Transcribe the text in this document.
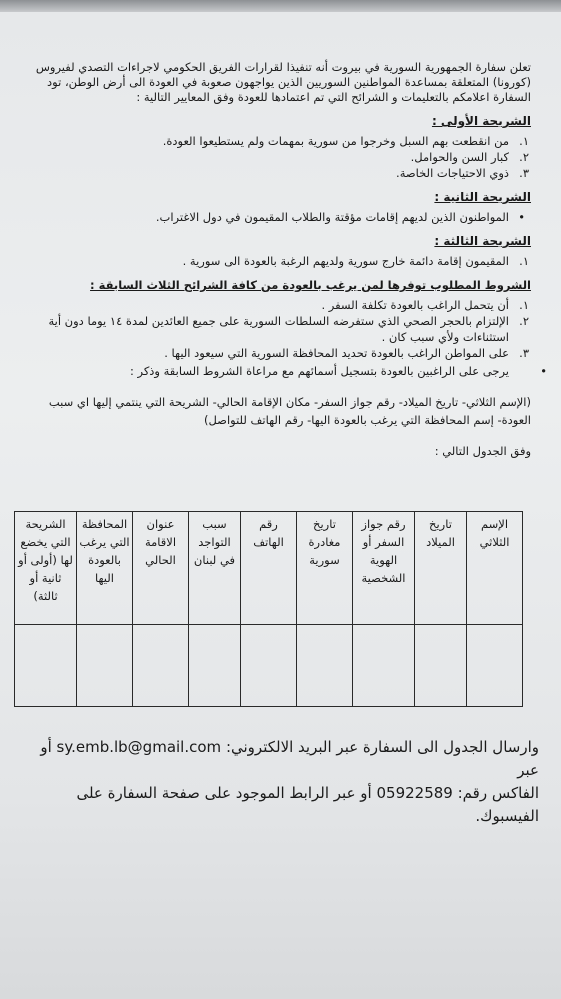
تعلن سفارة الجمهورية السورية في بيروت أنه تنفيذا لقرارات الفريق الحكومي لاجراءات التصدي لفيروس (كورونا) المتعلقة بمساعدة المواطنين السوريين الذين يواجهون صعوبة في العودة الى أرض الوطن، تود السفارة اعلامكم بالتعليمات و الشرائح التي تم اعتمادها للعودة وفق المعايير التالية :

الشريحة الأولى :

١.
من انقطعت بهم السبل وخرجوا من سورية بمهمات ولم يستطيعوا العودة.
٢.
كبار السن والحوامل.
٣.
ذوي الاحتياجات الخاصة.

الشريحة الثانية :

•
المواطنون الذين لديهم إقامات مؤقتة والطلاب المقيمون في دول الاغتراب.

الشريحة الثالثة :

١.
المقيمون إقامة دائمة خارج سورية ولديهم الرغبة بالعودة الى سورية .

الشروط المطلوب توفرها لمن يرغب بالعودة من كافة الشرائح الثلاث السابقة :

١.
أن يتحمل الراغب بالعودة تكلفة السفر .
٢.
الإلتزام بالحجر الصحي الذي ستفرضه السلطات السورية على جميع العائدين لمدة ١٤ يوما دون أية استثناءات ولأي سبب كان .
٣.
على المواطن الراغب بالعودة تحديد المحافظة السورية التي سيعود اليها .

•
يرجى على الراغبين بالعودة بتسجيل أسمائهم مع مراعاة الشروط السابقة وذكر :

(الإسم الثلاثي- تاريخ الميلاد- رقم جواز السفر- مكان الإقامة الحالي- الشريحة التي ينتمي إليها اي سبب العودة- إسم المحافظة التي يرغب بالعودة اليها- رقم الهاتف للتواصل)

وفق الجدول التالي :

الإسم الثلاثي	تاريخ الميلاد	رقم جواز السفر أو الهوية الشخصية	تاريخ مغادرة سورية	رقم الهاتف	سبب التواجد في لبنان	عنوان الاقامة الحالي	المحافظة التي يرغب بالعودة اليها	الشريحة التي يخضع لها (أولى أو ثانية أو ثالثة)

وارسال الجدول الى السفارة عبر البريد الالكتروني: sy.emb.lb@gmail.com أو عبر

الفاكس رقم: 05922589 أو عبر الرابط الموجود على صفحة السفارة على الفيسبوك.
